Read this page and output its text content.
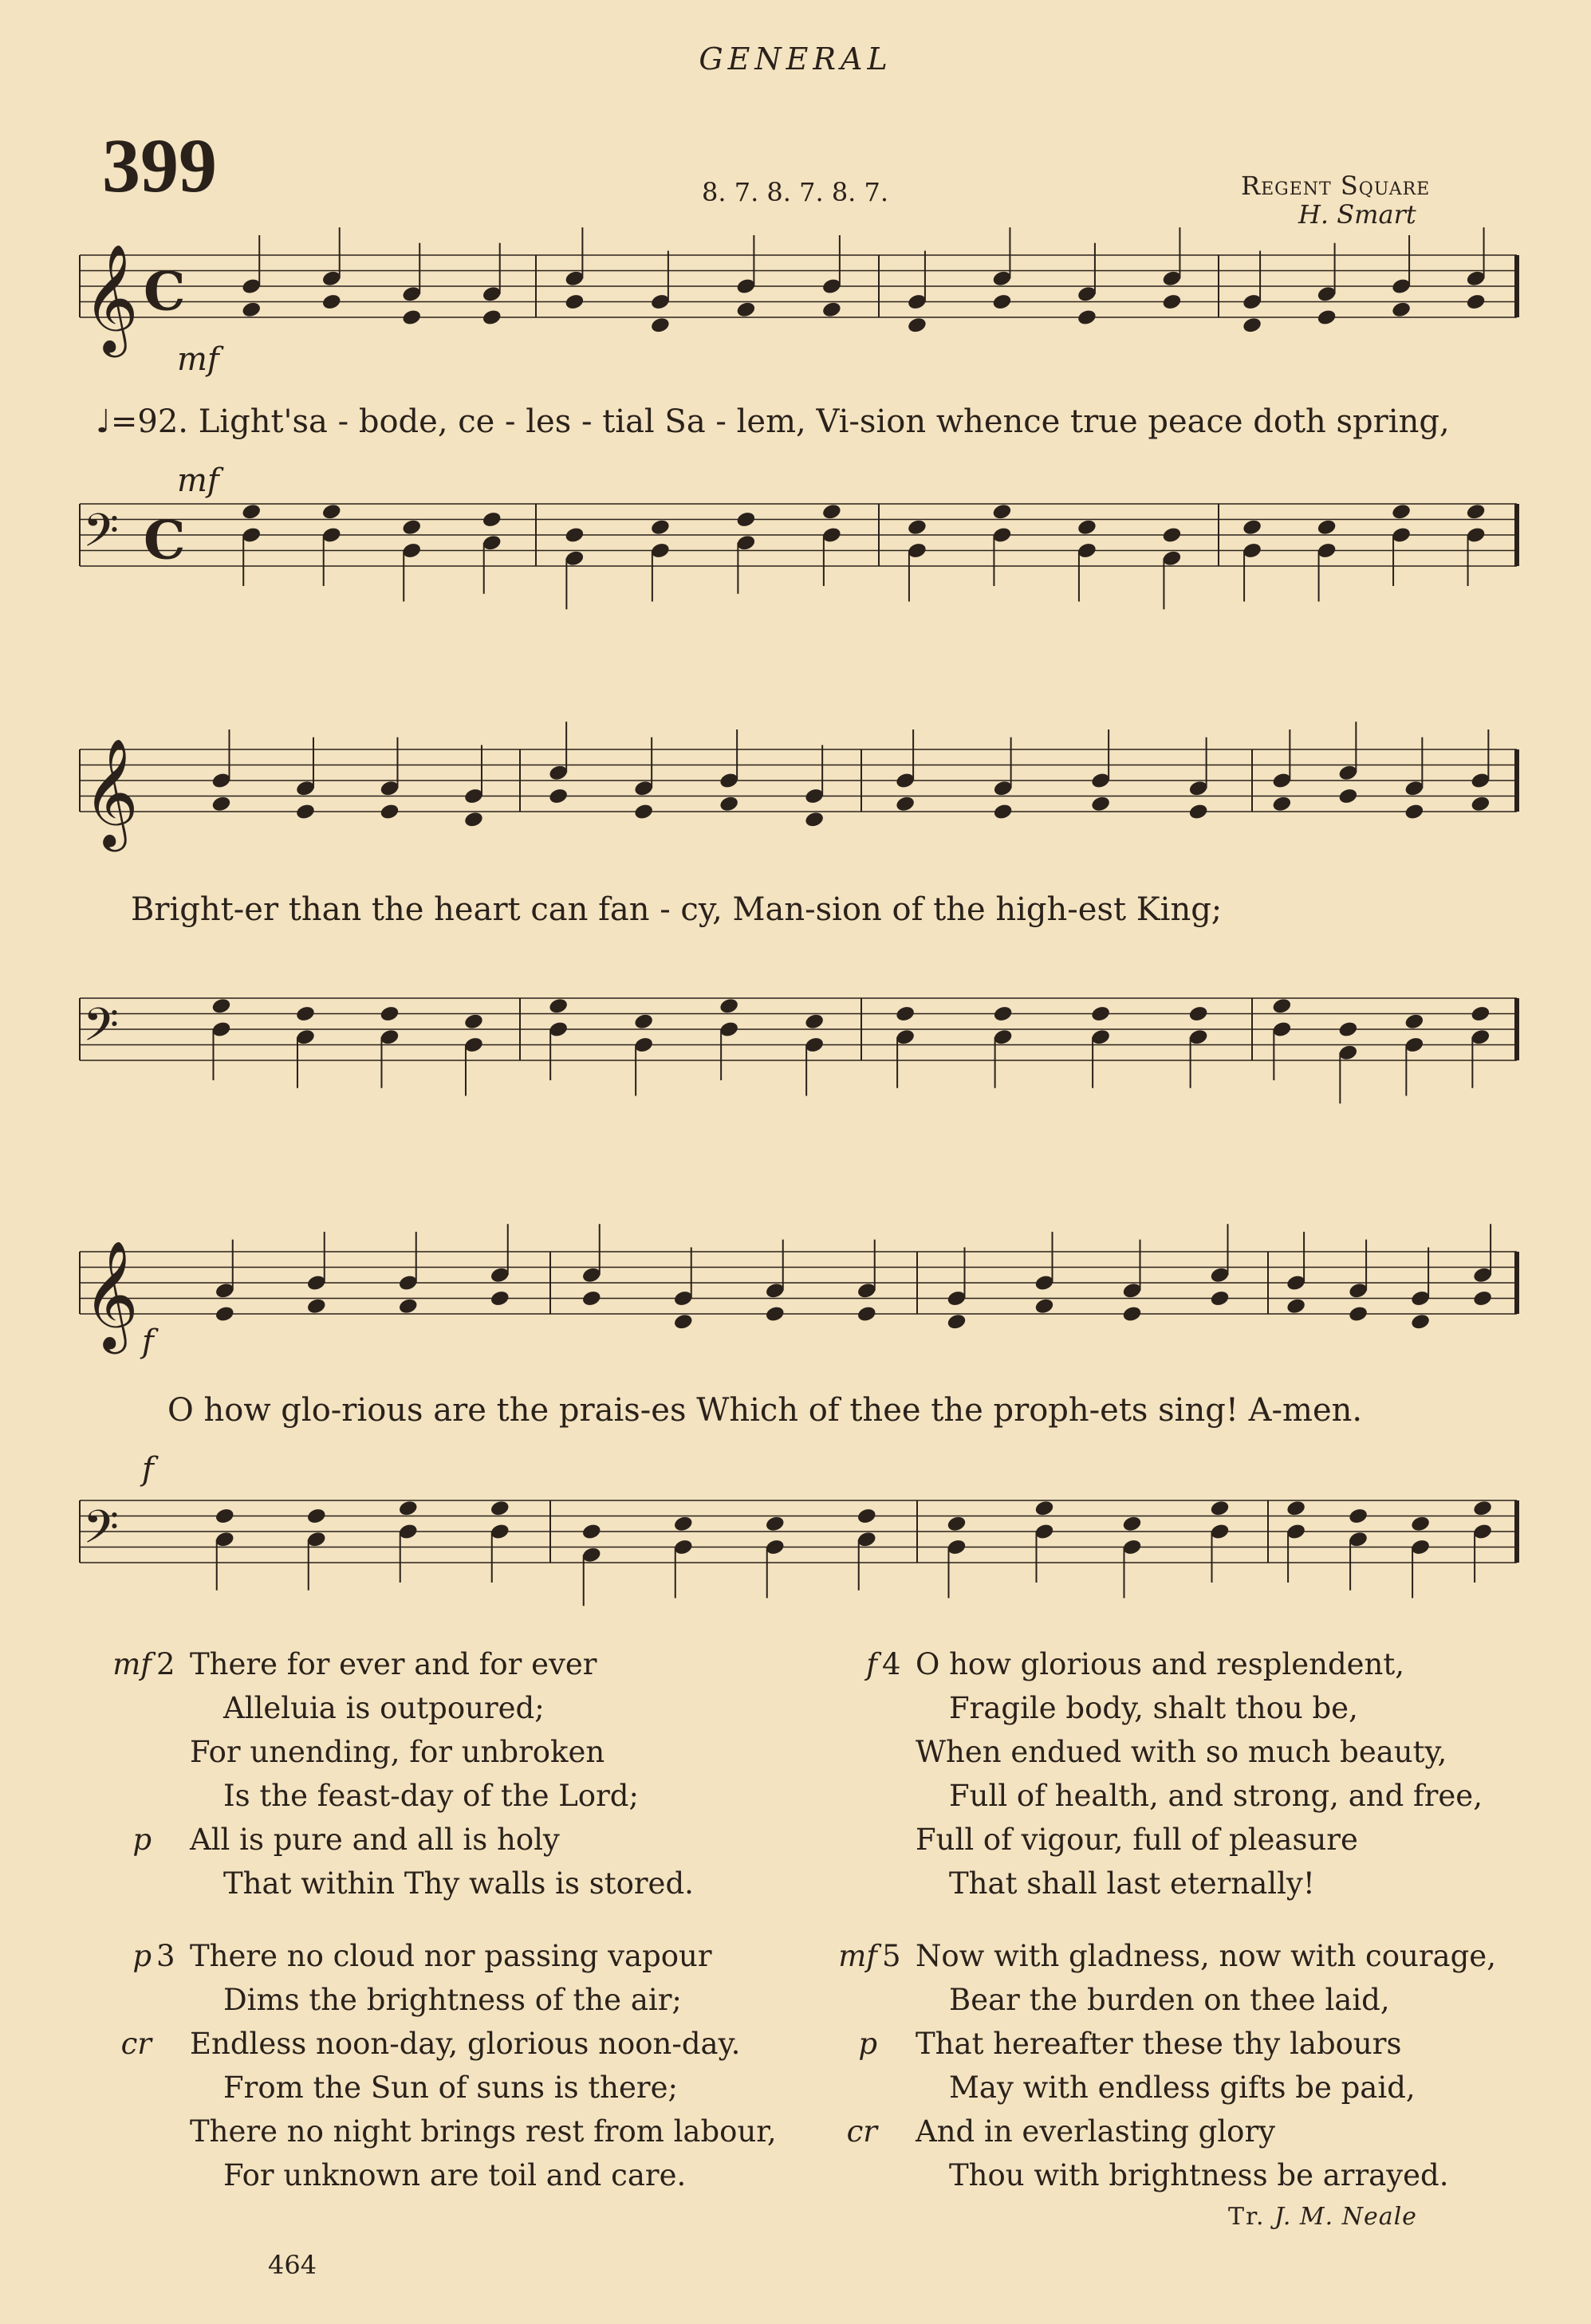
GENERAL
399	8. 7. 8. 7. 8. 7.	Regent Square
H. Smart
𝄞 C
𝄢 C
𝄞
𝄢
𝄞
𝄢
mf
mf
f
f
♩=92. Light'sa - bode, ce - les - tial Sa - lem, Vi-sion whence true peace doth spring,
Bright-er than the heart can fan - cy, Man-sion of the high-est King;
O how glo-rious are the prais-es Which of thee the proph-ets sing! A-men.
mf 2 There for ever and for ever
Alleluia is outpoured;
For unending, for unbroken
Is the feast-day of the Lord;
p All is pure and all is holy
That within Thy walls is stored.
p 3 There no cloud nor passing vapour
Dims the brightness of the air;
cr Endless noon-day, glorious noon-day.
From the Sun of suns is there;
There no night brings rest from labour,
For unknown are toil and care.
f 4 O how glorious and resplendent,
Fragile body, shalt thou be,
When endued with so much beauty,
Full of health, and strong, and free,
Full of vigour, full of pleasure
That shall last eternally!
mf 5 Now with gladness, now with courage,
Bear the burden on thee laid,
p That hereafter these thy labours
May with endless gifts be paid,
cr And in everlasting glory
Thou with brightness be arrayed.
Tr. J. M. Neale
464
